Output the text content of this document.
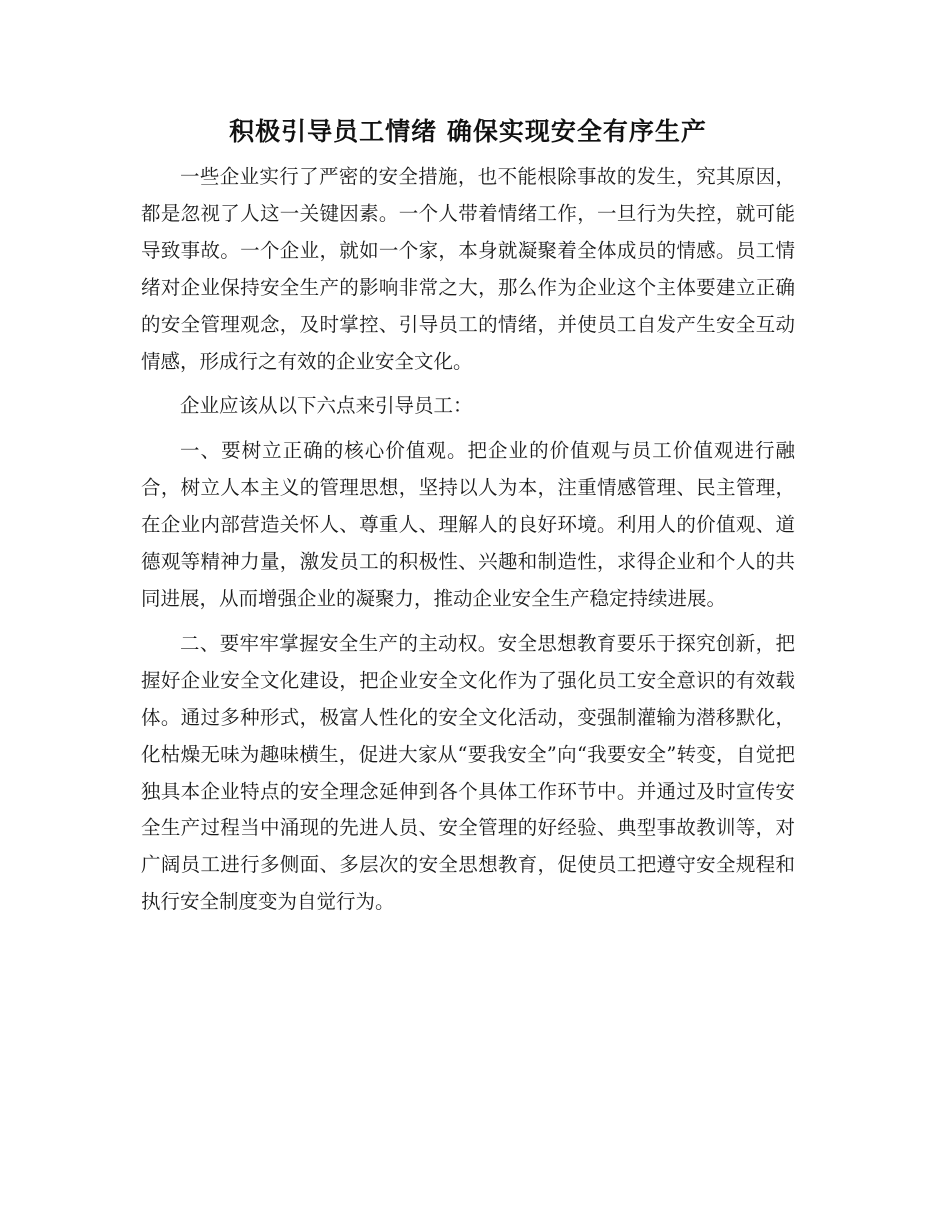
积极引导员工情绪 确保实现安全有序生产

一些企业实行了严密的安全措施，也不能根除事故的发生，究其原因，都是忽视了人这一关键因素。一个人带着情绪工作，一旦行为失控，就可能导致事故。一个企业，就如一个家，本身就凝聚着全体成员的情感。员工情绪对企业保持安全生产的影响非常之大，那么作为企业这个主体要建立正确的安全管理观念，及时掌控、引导员工的情绪，并使员工自发产生安全互动情感，形成行之有效的企业安全文化。

企业应该从以下六点来引导员工：

一、要树立正确的核心价值观。把企业的价值观与员工价值观进行融合，树立人本主义的管理思想，坚持以人为本，注重情感管理、民主管理，在企业内部营造关怀人、尊重人、理解人的良好环境。利用人的价值观、道德观等精神力量，激发员工的积极性、兴趣和制造性，求得企业和个人的共同进展，从而增强企业的凝聚力，推动企业安全生产稳定持续进展。

二、要牢牢掌握安全生产的主动权。安全思想教育要乐于探究创新，把握好企业安全文化建设，把企业安全文化作为了强化员工安全意识的有效载体。通过多种形式，极富人性化的安全文化活动，变强制灌输为潜移默化，化枯燥无味为趣味横生，促进大家从“要我安全”向“我要安全”转变，自觉把独具本企业特点的安全理念延伸到各个具体工作环节中。并通过及时宣传安全生产过程当中涌现的先进人员、安全管理的好经验、典型事故教训等，对广阔员工进行多侧面、多层次的安全思想教育，促使员工把遵守安全规程和执行安全制度变为自觉行为。
